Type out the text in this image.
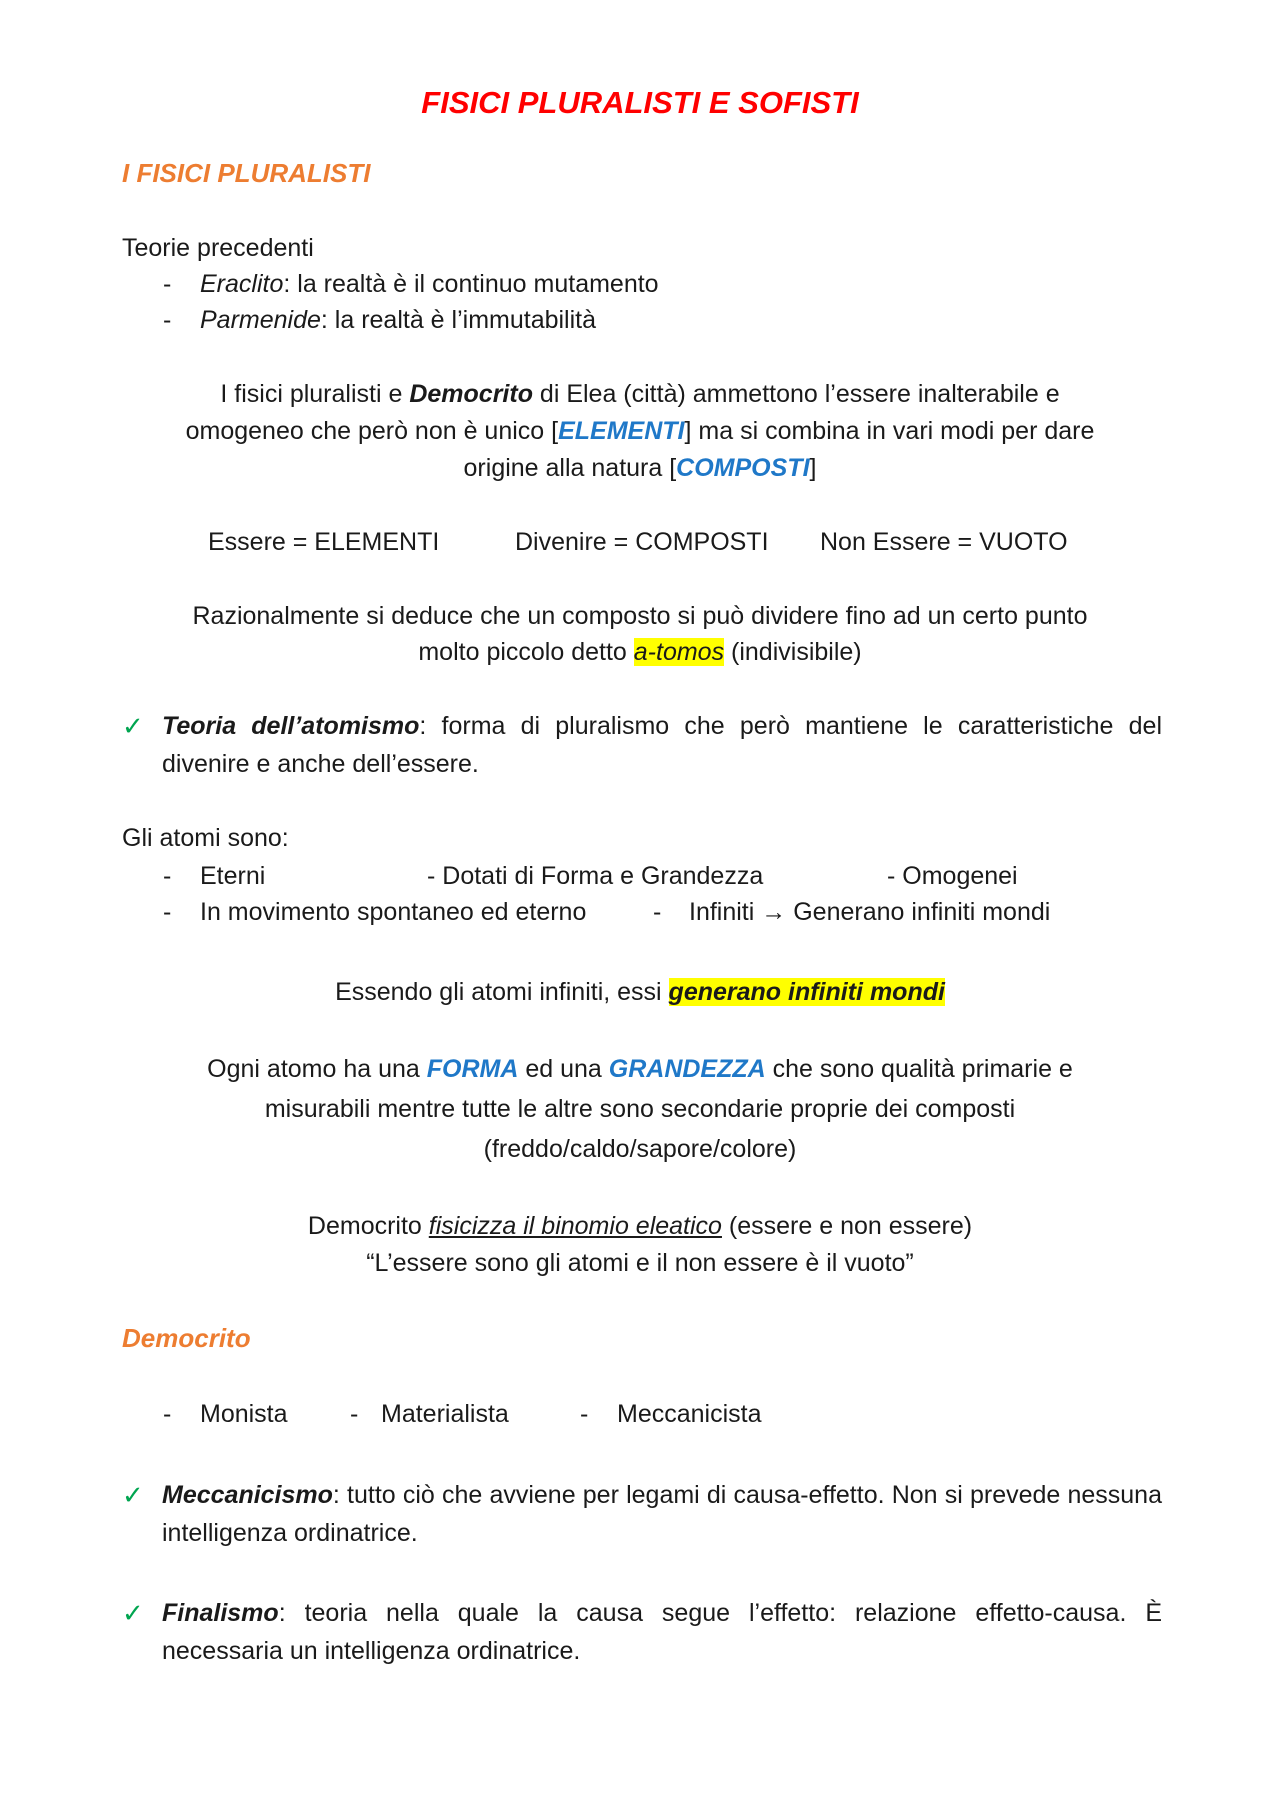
FISICI PLURALISTI E SOFISTI
I FISICI PLURALISTI
Teorie precedenti
- Eraclito: la realtà è il continuo mutamento
- Parmenide: la realtà è l’immutabilità
I fisici pluralisti e Democrito di Elea (città) ammettono l’essere inalterabile e
omogeneo che però non è unico [ELEMENTI] ma si combina in vari modi per dare
origine alla natura [COMPOSTI]
Essere = ELEMENTI	Divenire = COMPOSTI Non Essere = VUOTO
Razionalmente si deduce che un composto si può dividere fino ad un certo punto
molto piccolo detto a-tomos (indivisibile)
✓ Teoria dell’atomismo: forma di pluralismo che però mantiene le caratteristiche del divenire e anche dell’essere.
Gli atomi sono:
- Eterni	- Dotati di Forma e Grandezza	- Omogenei
- In movimento spontaneo ed eterno	- Infiniti → Generano infiniti mondi
Essendo gli atomi infiniti, essi generano infiniti mondi
Ogni atomo ha una FORMA ed una GRANDEZZA che sono qualità primarie e
misurabili mentre tutte le altre sono secondarie proprie dei composti
(freddo/caldo/sapore/colore)
Democrito fisicizza il binomio eleatico (essere e non essere)
“L’essere sono gli atomi e il non essere è il vuoto”
Democrito
- Monista - Materialista	- Meccanicista
✓ Meccanicismo: tutto ciò che avviene per legami di causa-effetto. Non si prevede nessuna intelligenza ordinatrice.
✓ Finalismo: teoria nella quale la causa segue l’effetto: relazione effetto-causa. È necessaria un intelligenza ordinatrice.
